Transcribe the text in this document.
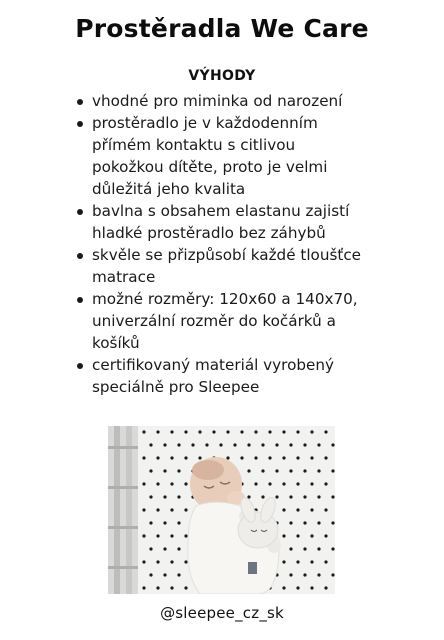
Prostěradla We Care
VÝHODY
vhodné pro miminka od narození
prostěradlo je v každodenním
přímém kontaktu s citlivou
pokožkou dítěte, proto je velmi
důležitá jeho kvalita
bavlna s obsahem elastanu zajistí
hladké prostěradlo bez záhybů
skvěle se přizpůsobí každé tloušťce
matrace
možné rozměry: 120x60 a 140x70,
univerzální rozměr do kočárků a
košíků
certifikovaný materiál vyrobený
speciálně pro Sleepee
@sleepee_cz_sk
